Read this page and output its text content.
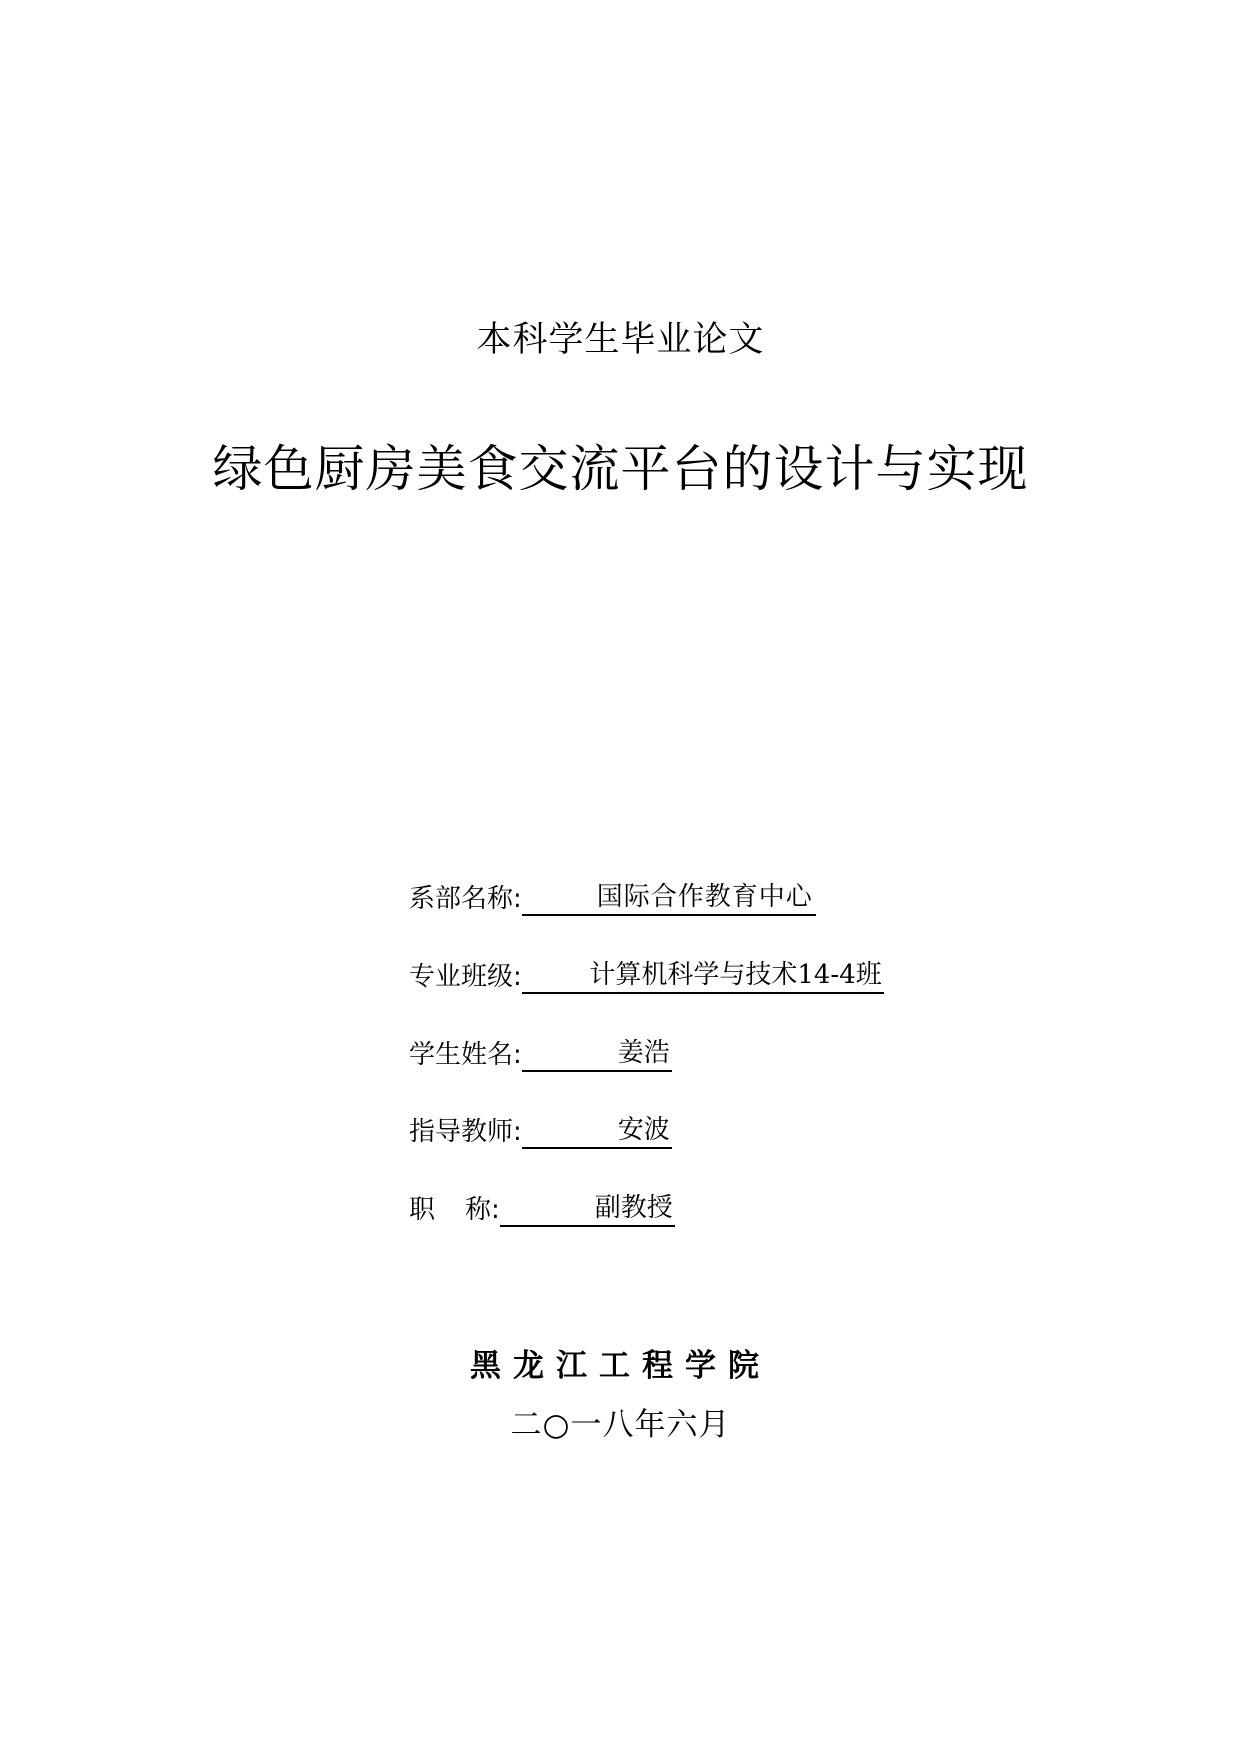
本科学生毕业论文
绿色厨房美食交流平台的设计与实现
系部名称:	国际合作教育中心
专业班级:	计算机科学与技术14-4班
学生姓名:	姜浩
指导教师:	安波
职 称:	副教授
黑龙江工程学院
二○一八年六月
